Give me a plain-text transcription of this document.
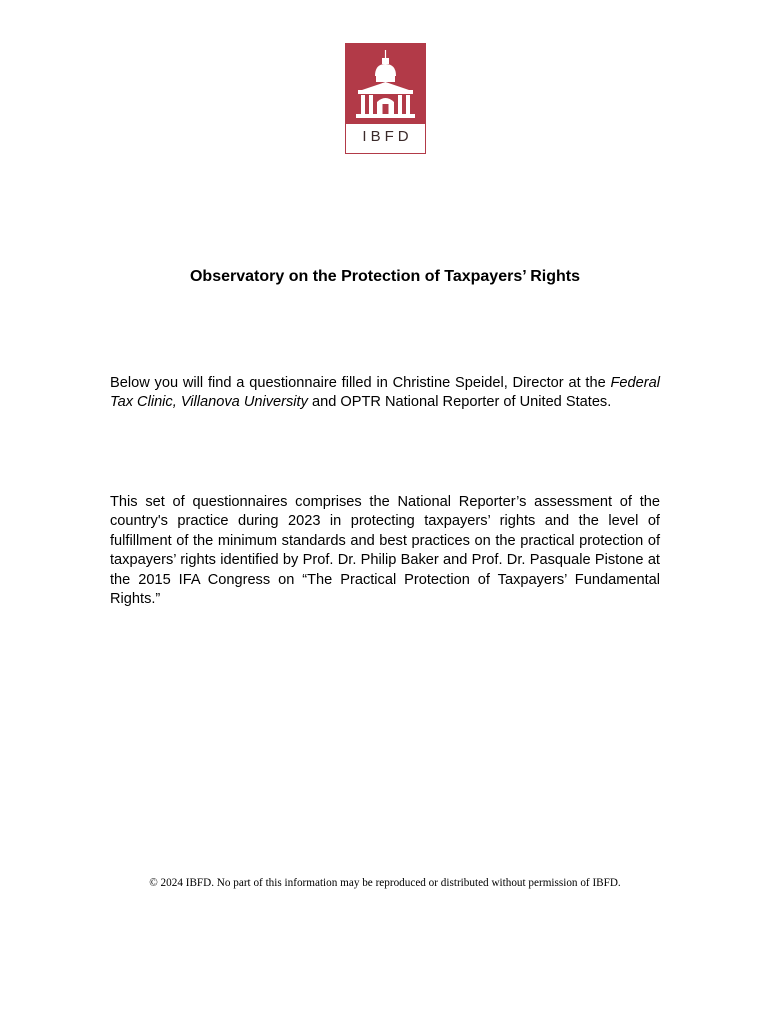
IBFD
Observatory on the Protection of Taxpayers’ Rights
Below you will find a questionnaire filled in Christine Speidel, Director at the Federal Tax Clinic, Villanova University and OPTR National Reporter of United States.
This set of questionnaires comprises the National Reporter’s assessment of the country's practice during 2023 in protecting taxpayers’ rights and the level of fulfillment of the minimum standards and best practices on the practical protection of taxpayers’ rights identified by Prof. Dr. Philip Baker and Prof. Dr. Pasquale Pistone at the 2015 IFA Congress on “The Practical Protection of Taxpayers’ Fundamental Rights.”
© 2024 IBFD. No part of this information may be reproduced or distributed without permission of IBFD.
